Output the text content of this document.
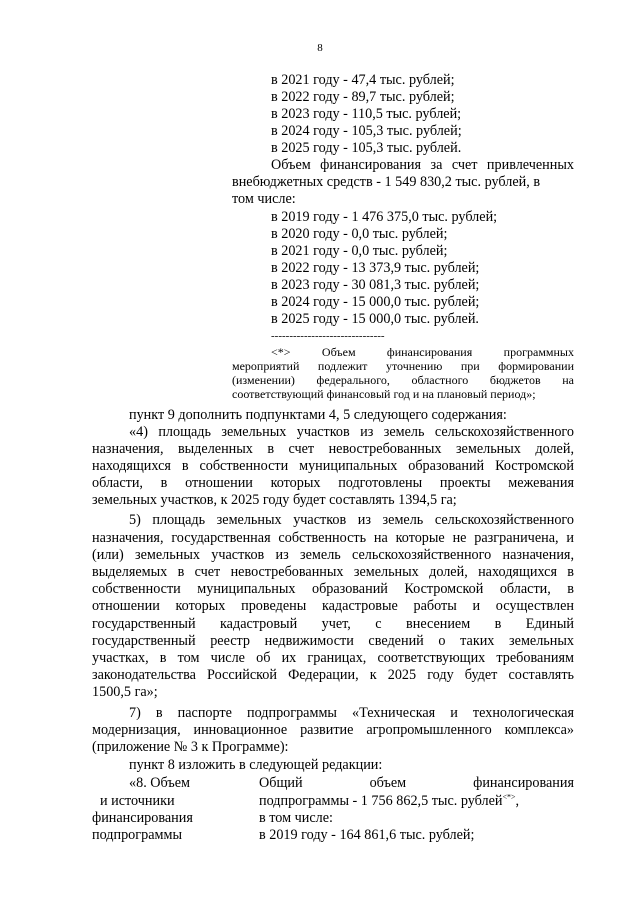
8
в 2021 году - 47,4 тыс. рублей;
в 2022 году - 89,7 тыс. рублей;
в 2023 году - 110,5 тыс. рублей;
в 2024 году - 105,3 тыс. рублей;
в 2025 году - 105,3 тыс. рублей.
Объем финансирования за счет привлеченных
внебюджетных средств - 1 549 830,2 тыс. рублей, в
том числе:
в 2019 году - 1 476 375,0 тыс. рублей;
в 2020 году - 0,0 тыс. рублей;
в 2021 году - 0,0 тыс. рублей;
в 2022 году - 13 373,9 тыс. рублей;
в 2023 году - 30 081,3 тыс. рублей;
в 2024 году - 15 000,0 тыс. рублей;
в 2025 году - 15 000,0 тыс. рублей.
-------------------------------
<*> Объем финансирования программных
мероприятий подлежит уточнению при формировании
(изменении) федерального, областного бюджетов на
соответствующий финансовый год и на плановый период»;
пункт 9 дополнить подпунктами 4, 5 следующего содержания:
«4) площадь земельных участков из земель сельскохозяйственного
назначения, выделенных в счет невостребованных земельных долей,
находящихся в собственности муниципальных образований Костромской
области, в отношении которых подготовлены проекты межевания
земельных участков, к 2025 году будет составлять 1394,5 га;
5) площадь земельных участков из земель сельскохозяйственного
назначения, государственная собственность на которые не разграничена, и
(или) земельных участков из земель сельскохозяйственного назначения,
выделяемых в счет невостребованных земельных долей, находящихся в
собственности муниципальных образований Костромской области, в
отношении которых проведены кадастровые работы и осуществлен
государственный кадастровый учет, с внесением в Единый
государственный реестр недвижимости сведений о таких земельных
участках, в том числе об их границах, соответствующих требованиям
законодательства Российской Федерации, к 2025 году будет составлять
1500,5 га»;
7) в паспорте подпрограммы «Техническая и технологическая
модернизация, инновационное развитие агропромышленного комплекса»
(приложение № 3 к Программе):
пункт 8 изложить в следующей редакции:
«8. Объем
и источники
финансирования
подпрограммы
Общий объем финансирования
подпрограммы - 1 756 862,5 тыс. рублей<*>,
в том числе:
в 2019 году - 164 861,6 тыс. рублей;
